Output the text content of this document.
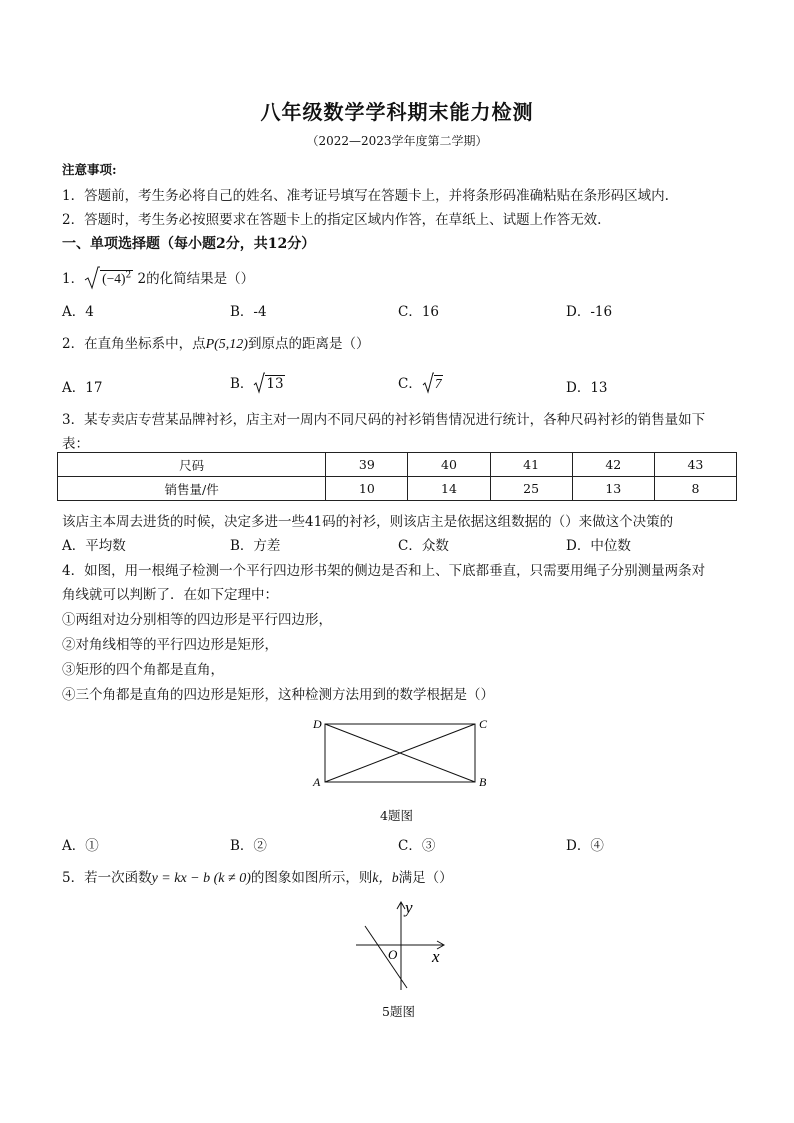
八年级数学学科期末能力检测
（2022—2023学年度第二学期）
注意事项:
1．答题前，考生务必将自己的姓名、准考证号填写在答题卡上，并将条形码准确粘贴在条形码区域内.
2．答题时，考生务必按照要求在答题卡上的指定区域内作答，在草纸上、试题上作答无效.
一、单项选择题（每小题2分，共12分）
1． $(-4)^2$ 2的化简结果是（）
A．4	B．-4	C．16	D．-16
2．在直角坐标系中，点P(5,12)到原点的距离是（）
A．17	B． 13	C． 7	D．13
3．某专卖店专营某品牌衬衫，店主对一周内不同尺码的衬衫销售情况进行统计，各种尺码衬衫的销售量如下
表：
尺码	39	40	41	42	43
销售量/件	10	14	25	13	8
该店主本周去进货的时候，决定多进一些41码的衬衫，则该店主是依据这组数据的（）来做这个决策的
A．平均数	B．方差	C．众数	D．中位数
4．如图，用一根绳子检测一个平行四边形书架的侧边是否和上、下底都垂直，只需要用绳子分别测量两条对
角线就可以判断了．在如下定理中：
①两组对边分别相等的四边形是平行四边形，
②对角线相等的平行四边形是矩形，
③矩形的四个角都是直角，
④三个角都是直角的四边形是矩形，这种检测方法用到的数学根据是（）
D	C
A	B
4题图
A．①	B．②	C．③	D．④
5．若一次函数y = kx − b (k ≠ 0)的图象如图所示，则k，b满足（）
y
x
O
5题图
